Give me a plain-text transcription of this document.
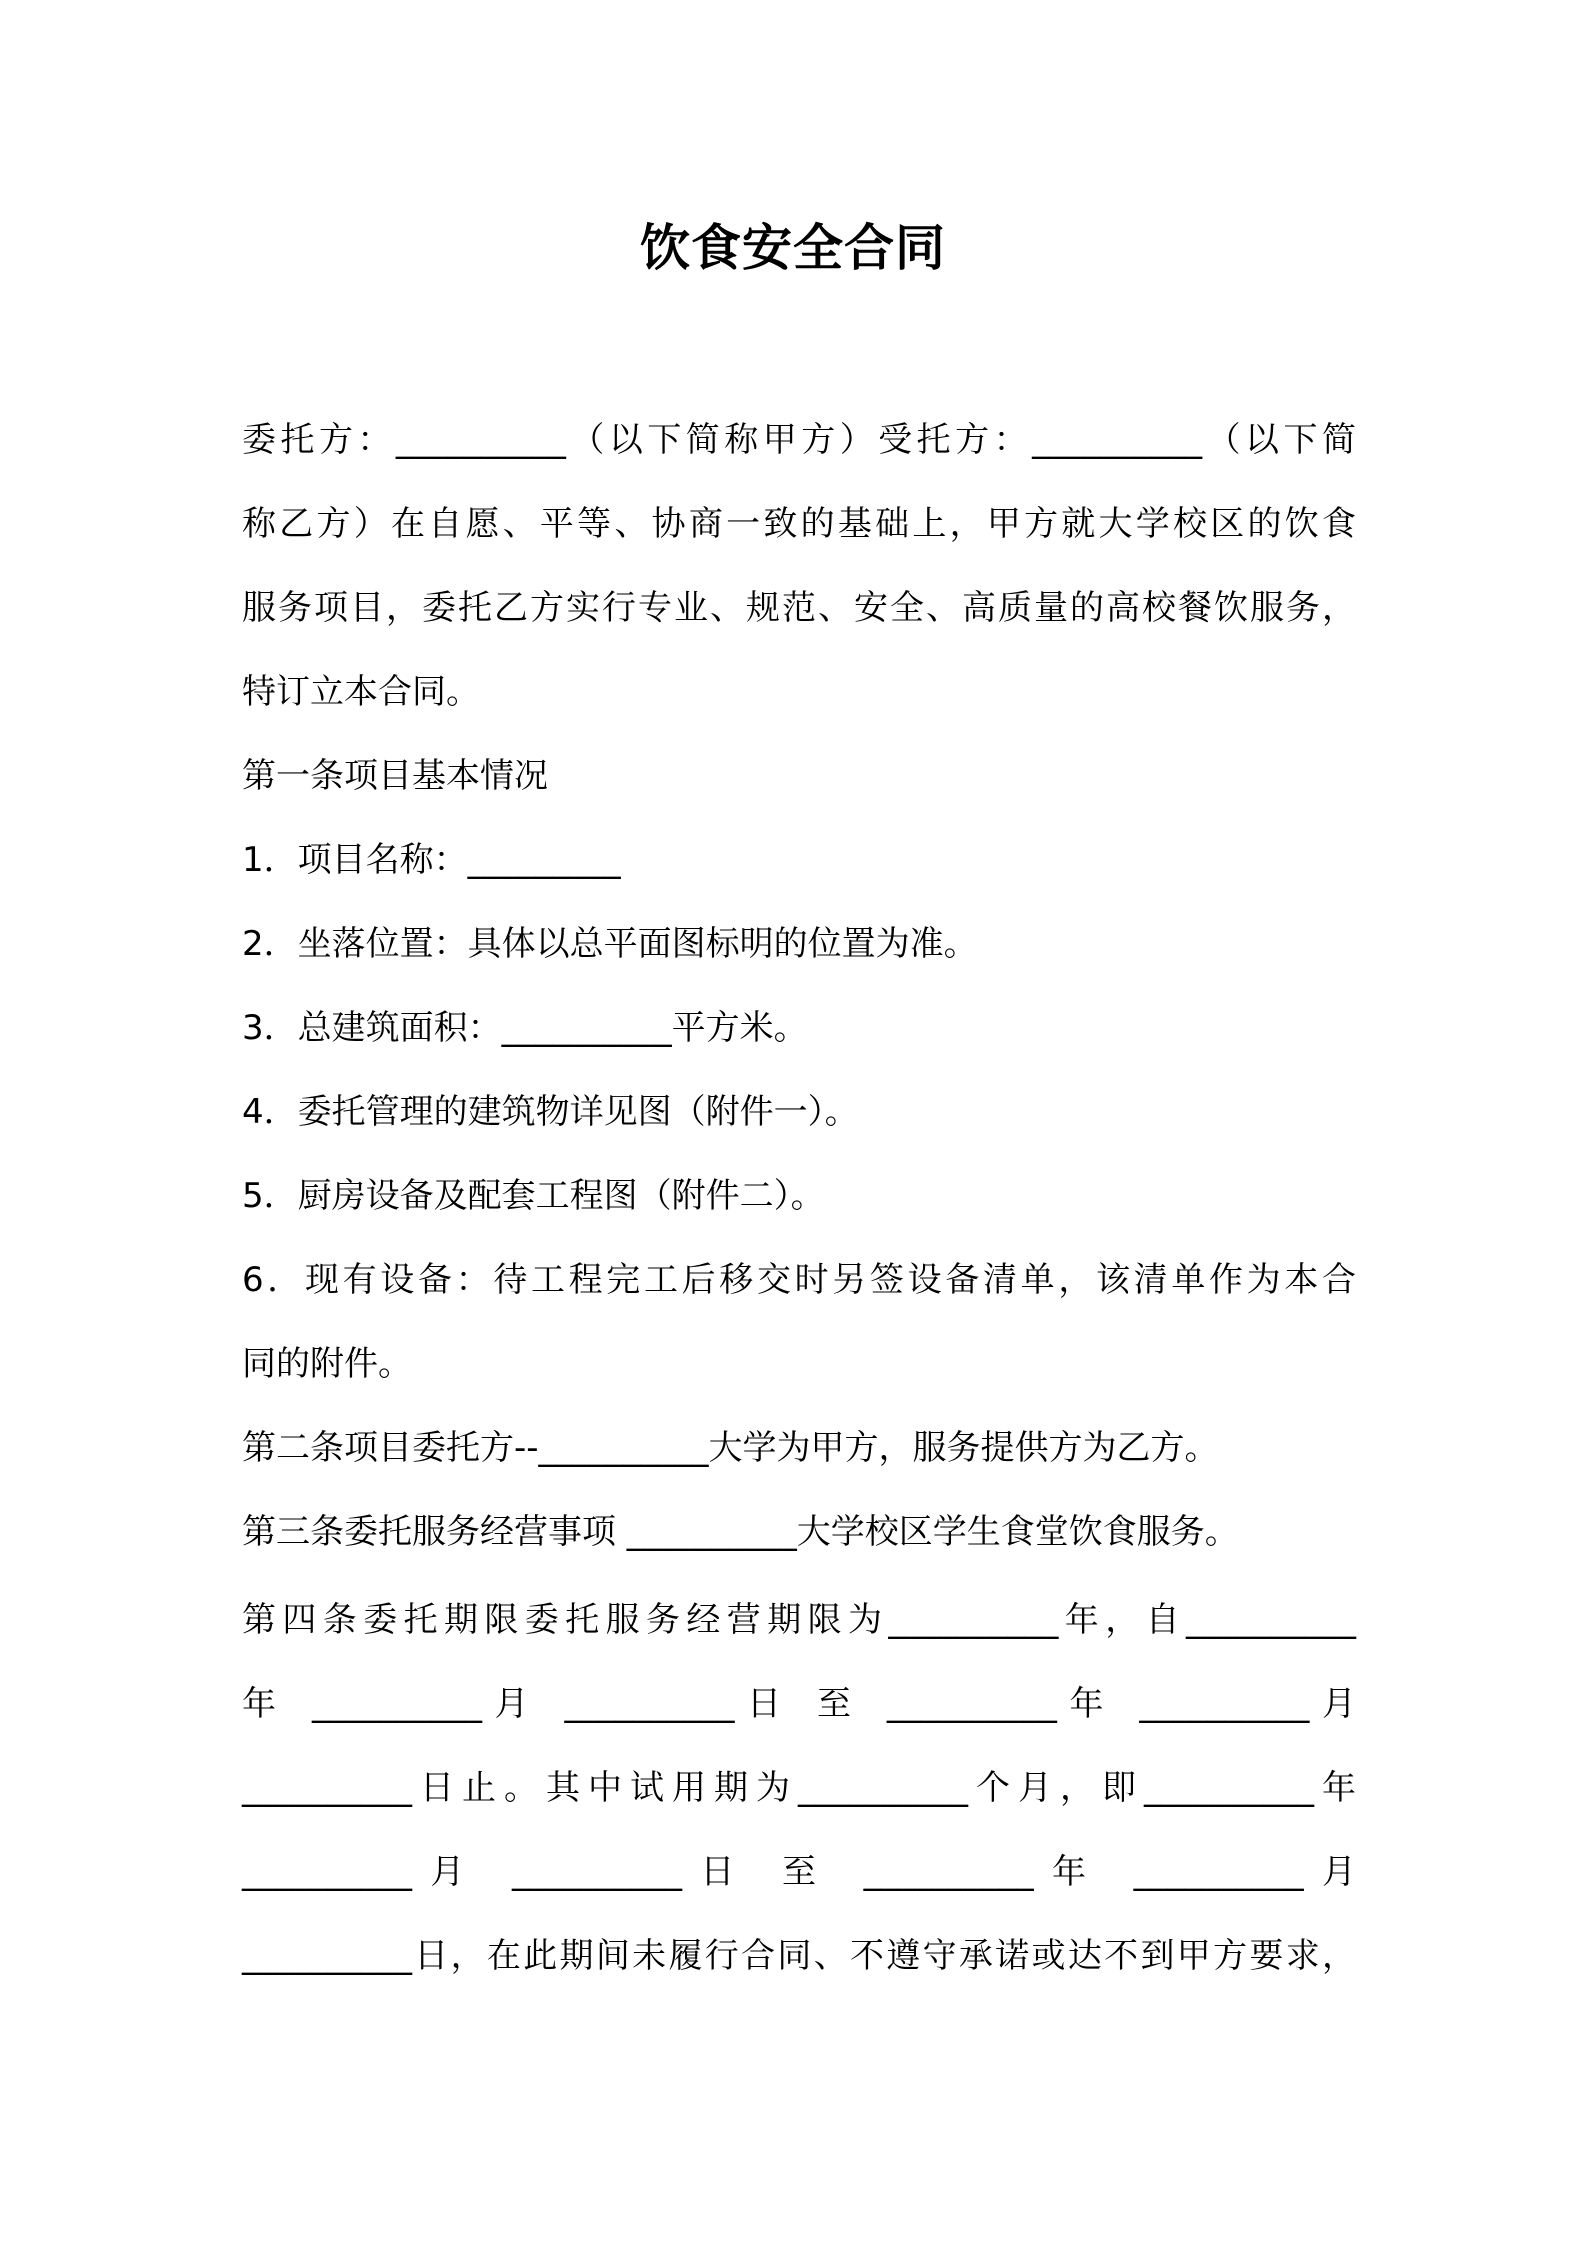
饮食安全合同
委托方：__________（以下简称甲方）受托方：__________（以下简
称乙方）在自愿、平等、协商一致的基础上，甲方就大学校区的饮食
服务项目，委托乙方实行专业、规范、安全、高质量的高校餐饮服务，
特订立本合同。
第一条项目基本情况
1．项目名称：_________
2．坐落位置：具体以总平面图标明的位置为准。
3．总建筑面积：__________平方米。
4．委托管理的建筑物详见图（附件一）。
5．厨房设备及配套工程图（附件二）。
6．现有设备：待工程完工后移交时另签设备清单，该清单作为本合
同的附件。
第二条项目委托方--__________大学为甲方，服务提供方为乙方。
第三条委托服务经营事项 __________大学校区学生食堂饮食服务。
第四条委托期限委托服务经营期限为__________年，自__________
年 __________月 __________日 至 __________年 __________月
__________日止。其中试用期为__________个月，即__________年
__________月 __________日 至 __________年 __________月
__________日，在此期间未履行合同、不遵守承诺或达不到甲方要求，
